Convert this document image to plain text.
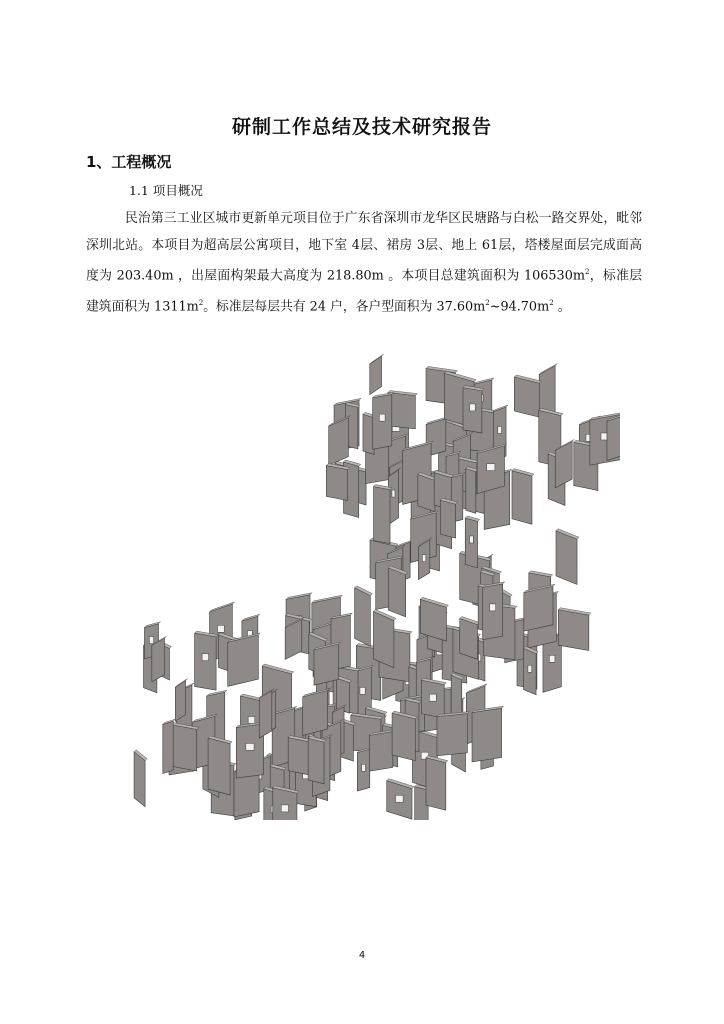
研制工作总结及技术研究报告
1、工程概况
1.1 项目概况

民治第三工业区城市更新单元项目位于广东省深圳市龙华区民塘路与白松一路交界处，毗邻深圳北站。本项目为超高层公寓项目，地下室 4层、裙房 3层、地上 61层，塔楼屋面层完成面高度为 203.40m ，出屋面构架最大高度为 218.80m 。本项目总建筑面积为 $106530m^2$，标准层建筑面积为 $1311m^2$。标准层每层共有 24 户，各户型面积为 $37.60m^2\sim 94.70m^2$ 。

4
